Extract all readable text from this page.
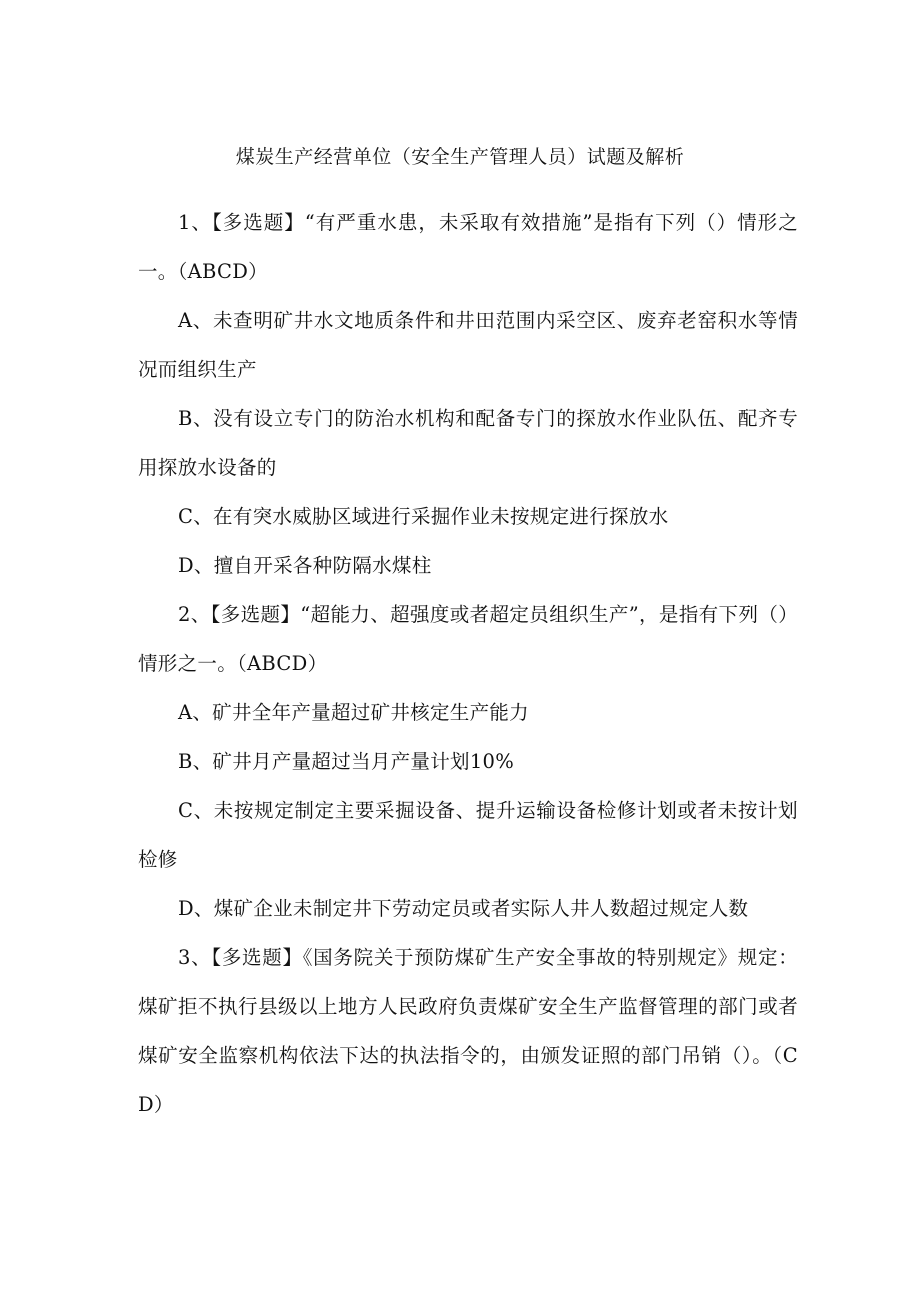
煤炭生产经营单位（安全生产管理人员）试题及解析

1、【多选题】“有严重水患，未采取有效措施”是指有下列（）情形之一。（ABCD）

A、未查明矿井水文地质条件和井田范围内采空区、废弃老窑积水等情况而组织生产

B、没有设立专门的防治水机构和配备专门的探放水作业队伍、配齐专用探放水设备的

C、在有突水威胁区域进行采掘作业未按规定进行探放水

D、擅自开采各种防隔水煤柱

2、【多选题】“超能力、超强度或者超定员组织生产”，是指有下列（）情形之一。（ABCD）

A、矿井全年产量超过矿井核定生产能力

B、矿井月产量超过当月产量计划10%

C、未按规定制定主要采掘设备、提升运输设备检修计划或者未按计划检修

D、煤矿企业未制定井下劳动定员或者实际人井人数超过规定人数

3、【多选题】《国务院关于预防煤矿生产安全事故的特别规定》规定：煤矿拒不执行县级以上地方人民政府负责煤矿安全生产监督管理的部门或者煤矿安全监察机构依法下达的执法指令的，由颁发证照的部门吊销（）。（CD）
